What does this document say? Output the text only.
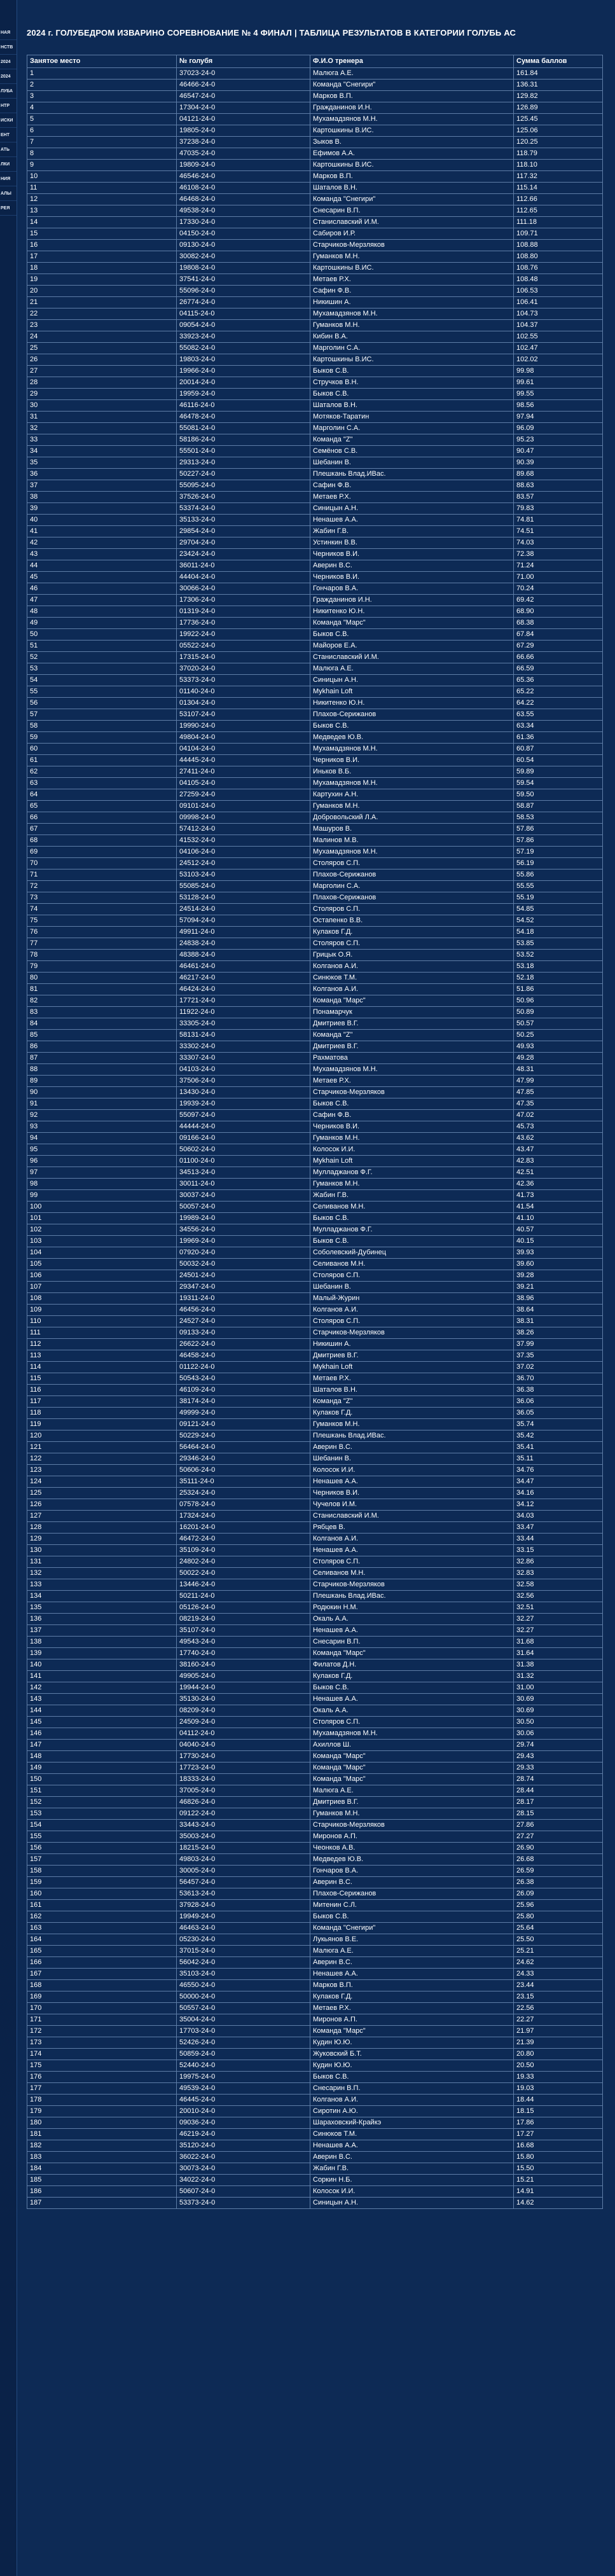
НАЯ
НСТВ
2024
2024
ЛУБА
НТР
ИСКИ
ЕНТ
АТЬ
ЛКИ
НИЯ
АЛЫ
РЕЯ
2024 г. ГОЛУБЕДРОМ ИЗВАРИНО СОРЕВНОВАНИЕ № 4 ФИНАЛ | ТАБЛИЦА РЕЗУЛЬТАТОВ В КАТЕГОРИИ ГОЛУБЬ АС
Занятое место	№ голубя	Ф.И.О тренера	Сумма баллов
1	37023-24-0	Малюга А.Е.	161.84
2	46466-24-0	Команда "Снегири"	136.31
3	46547-24-0	Марков В.П.	129.82
4	17304-24-0	Гражданинов И.Н.	126.89
5	04121-24-0	Мухамадзянов М.Н.	125.45
6	19805-24-0	Картошкины В.ИС.	125.06
7	37238-24-0	Зыков В.	120.25
8	47035-24-0	Ефимов А.А.	118.79
9	19809-24-0	Картошкины В.ИС.	118.10
10	46546-24-0	Марков В.П.	117.32
11	46108-24-0	Шаталов В.Н.	115.14
12	46468-24-0	Команда "Снегири"	112.66
13	49538-24-0	Снесарин В.П.	112.65
14	17330-24-0	Станиславский И.М.	111.18
15	04150-24-0	Сабиров И.Р.	109.71
16	09130-24-0	Старчиков-Мерзляков	108.88
17	30082-24-0	Гуманков М.Н.	108.80
18	19808-24-0	Картошкины В.ИС.	108.76
19	37541-24-0	Метаев Р.Х.	108.48
20	55096-24-0	Сафин Ф.В.	106.53
21	26774-24-0	Никишин А.	106.41
22	04115-24-0	Мухамадзянов М.Н.	104.73
23	09054-24-0	Гуманков М.Н.	104.37
24	33923-24-0	Кибин В.А.	102.55
25	55082-24-0	Марголин С.А.	102.47
26	19803-24-0	Картошкины В.ИС.	102.02
27	19966-24-0	Быков С.В.	99.98
28	20014-24-0	Стручков В.Н.	99.61
29	19959-24-0	Быков С.В.	99.55
30	46116-24-0	Шаталов В.Н.	98.56
31	46478-24-0	Мотяков-Таратин	97.94
32	55081-24-0	Марголин С.А.	96.09
33	58186-24-0	Команда "Z"	95.23
34	55501-24-0	Семёнов С.В.	90.47
35	29313-24-0	Шебанин В.	90.39
36	50227-24-0	Плешкань Влад.ИВас.	89.68
37	55095-24-0	Сафин Ф.В.	88.63
38	37526-24-0	Метаев Р.Х.	83.57
39	53374-24-0	Синицын А.Н.	79.83
40	35133-24-0	Ненашев А.А.	74.81
41	29854-24-0	Жабин Г.В.	74.51
42	29704-24-0	Устинкин В.В.	74.03
43	23424-24-0	Черников В.И.	72.38
44	36011-24-0	Аверин В.С.	71.24
45	44404-24-0	Черников В.И.	71.00
46	30066-24-0	Гончаров В.А.	70.24
47	17306-24-0	Гражданинов И.Н.	69.42
48	01319-24-0	Никитенко Ю.Н.	68.90
49	17736-24-0	Команда "Марс"	68.38
50	19922-24-0	Быков С.В.	67.84
51	05522-24-0	Майоров Е.А.	67.29
52	17315-24-0	Станиславский И.М.	66.66
53	37020-24-0	Малюга А.Е.	66.59
54	53373-24-0	Синицын А.Н.	65.36
55	01140-24-0	Mykhain Loft	65.22
56	01304-24-0	Никитенко Ю.Н.	64.22
57	53107-24-0	Плахов-Серижанов	63.55
58	19990-24-0	Быков С.В.	63.34
59	49804-24-0	Медведев Ю.В.	61.36
60	04104-24-0	Мухамадзянов М.Н.	60.87
61	44445-24-0	Черников В.И.	60.54
62	27411-24-0	Иньков В.Б.	59.89
63	04105-24-0	Мухамадзянов М.Н.	59.54
64	27259-24-0	Картухин А.Н.	59.50
65	09101-24-0	Гуманков М.Н.	58.87
66	09998-24-0	Добровольский Л.А.	58.53
67	57412-24-0	Машуров В.	57.86
68	41532-24-0	Малинов М.В.	57.86
69	04106-24-0	Мухамадзянов М.Н.	57.19
70	24512-24-0	Столяров С.П.	56.19
71	53103-24-0	Плахов-Серижанов	55.86
72	55085-24-0	Марголин С.А.	55.55
73	53128-24-0	Плахов-Серижанов	55.19
74	24514-24-0	Столяров С.П.	54.85
75	57094-24-0	Остапенко В.В.	54.52
76	49911-24-0	Кулаков Г.Д.	54.18
77	24838-24-0	Столяров С.П.	53.85
78	48388-24-0	Грицык О.Я.	53.52
79	46461-24-0	Колганов А.И.	53.18
80	46217-24-0	Синюков Т.М.	52.18
81	46424-24-0	Колганов А.И.	51.86
82	17721-24-0	Команда "Марс"	50.96
83	11922-24-0	Понамарчук	50.89
84	33305-24-0	Дмитриев В.Г.	50.57
85	58131-24-0	Команда "Z"	50.25
86	33302-24-0	Дмитриев В.Г.	49.93
87	33307-24-0	Рахматова	49.28
88	04103-24-0	Мухамадзянов М.Н.	48.31
89	37506-24-0	Метаев Р.Х.	47.99
90	13430-24-0	Старчиков-Мерзляков	47.85
91	19939-24-0	Быков С.В.	47.35
92	55097-24-0	Сафин Ф.В.	47.02
93	44444-24-0	Черников В.И.	45.73
94	09166-24-0	Гуманков М.Н.	43.62
95	50602-24-0	Колосок И.И.	43.47
96	01100-24-0	Mykhain Loft	42.83
97	34513-24-0	Мулладжанов Ф.Г.	42.51
98	30011-24-0	Гуманков М.Н.	42.36
99	30037-24-0	Жабин Г.В.	41.73
100	50057-24-0	Селиванов М.Н.	41.54
101	19989-24-0	Быков С.В.	41.10
102	34556-24-0	Мулладжанов Ф.Г.	40.57
103	19969-24-0	Быков С.В.	40.15
104	07920-24-0	Соболевский-Дубинец	39.93
105	50032-24-0	Селиванов М.Н.	39.60
106	24501-24-0	Столяров С.П.	39.28
107	29347-24-0	Шебанин В.	39.21
108	19311-24-0	Малый-Журин	38.96
109	46456-24-0	Колганов А.И.	38.64
110	24527-24-0	Столяров С.П.	38.31
111	09133-24-0	Старчиков-Мерзляков	38.26
112	26622-24-0	Никишин А.	37.99
113	46458-24-0	Дмитриев В.Г.	37.35
114	01122-24-0	Mykhain Loft	37.02
115	50543-24-0	Метаев Р.Х.	36.70
116	46109-24-0	Шаталов В.Н.	36.38
117	38174-24-0	Команда "Z"	36.06
118	49999-24-0	Кулаков Г.Д.	36.05
119	09121-24-0	Гуманков М.Н.	35.74
120	50229-24-0	Плешкань Влад.ИВас.	35.42
121	56464-24-0	Аверин В.С.	35.41
122	29346-24-0	Шебанин В.	35.11
123	50606-24-0	Колосок И.И.	34.76
124	35111-24-0	Ненашев А.А.	34.47
125	25324-24-0	Черников В.И.	34.16
126	07578-24-0	Чучелов И.М.	34.12
127	17324-24-0	Станиславский И.М.	34.03
128	16201-24-0	Рябцев В.	33.47
129	46472-24-0	Колганов А.И.	33.44
130	35109-24-0	Ненашев А.А.	33.15
131	24802-24-0	Столяров С.П.	32.86
132	50022-24-0	Селиванов М.Н.	32.83
133	13446-24-0	Старчиков-Мерзляков	32.58
134	50211-24-0	Плешкань Влад.ИВас.	32.56
135	05126-24-0	Родюкин Н.М.	32.51
136	08219-24-0	Окаль А.А.	32.27
137	35107-24-0	Ненашев А.А.	32.27
138	49543-24-0	Снесарин В.П.	31.68
139	17740-24-0	Команда "Марс"	31.64
140	38160-24-0	Филатов Д.Н.	31.38
141	49905-24-0	Кулаков Г.Д.	31.32
142	19944-24-0	Быков С.В.	31.00
143	35130-24-0	Ненашев А.А.	30.69
144	08209-24-0	Окаль А.А.	30.69
145	24509-24-0	Столяров С.П.	30.50
146	04112-24-0	Мухамадзянов М.Н.	30.06
147	04040-24-0	Ахиллов Ш.	29.74
148	17730-24-0	Команда "Марс"	29.43
149	17723-24-0	Команда "Марс"	29.33
150	18333-24-0	Команда "Марс"	28.74
151	37005-24-0	Малюга А.Е.	28.44
152	46826-24-0	Дмитриев В.Г.	28.17
153	09122-24-0	Гуманков М.Н.	28.15
154	33443-24-0	Старчиков-Мерзляков	27.86
155	35003-24-0	Миронов А.П.	27.27
156	18215-24-0	Чеонков А.В.	26.90
157	49803-24-0	Медведев Ю.В.	26.68
158	30005-24-0	Гончаров В.А.	26.59
159	56457-24-0	Аверин В.С.	26.38
160	53613-24-0	Плахов-Серижанов	26.09
161	37928-24-0	Митенин С.Л.	25.96
162	19949-24-0	Быков С.В.	25.80
163	46463-24-0	Команда "Снегири"	25.64
164	05230-24-0	Лукьянов В.Е.	25.50
165	37015-24-0	Малюга А.Е.	25.21
166	56042-24-0	Аверин В.С.	24.62
167	35103-24-0	Ненашев А.А.	24.33
168	46550-24-0	Марков В.П.	23.44
169	50000-24-0	Кулаков Г.Д.	23.15
170	50557-24-0	Метаев Р.Х.	22.56
171	35004-24-0	Миронов А.П.	22.27
172	17703-24-0	Команда "Марс"	21.97
173	52426-24-0	Кудин Ю.Ю.	21.39
174	50859-24-0	Жуковский Б.Т.	20.80
175	52440-24-0	Кудин Ю.Ю.	20.50
176	19975-24-0	Быков С.В.	19.33
177	49539-24-0	Снесарин В.П.	19.03
178	46445-24-0	Колганов А.И.	18.44
179	20010-24-0	Сиротин А.Ю.	18.15
180	09036-24-0	Шараховский-Крайкэ	17.86
181	46219-24-0	Синюков Т.М.	17.27
182	35120-24-0	Ненашев А.А.	16.68
183	36022-24-0	Аверин В.С.	15.80
184	30073-24-0	Жабин Г.В.	15.50
185	34022-24-0	Соркин Н.Б.	15.21
186	50607-24-0	Колосок И.И.	14.91
187	53373-24-0	Синицын А.Н.	14.62
